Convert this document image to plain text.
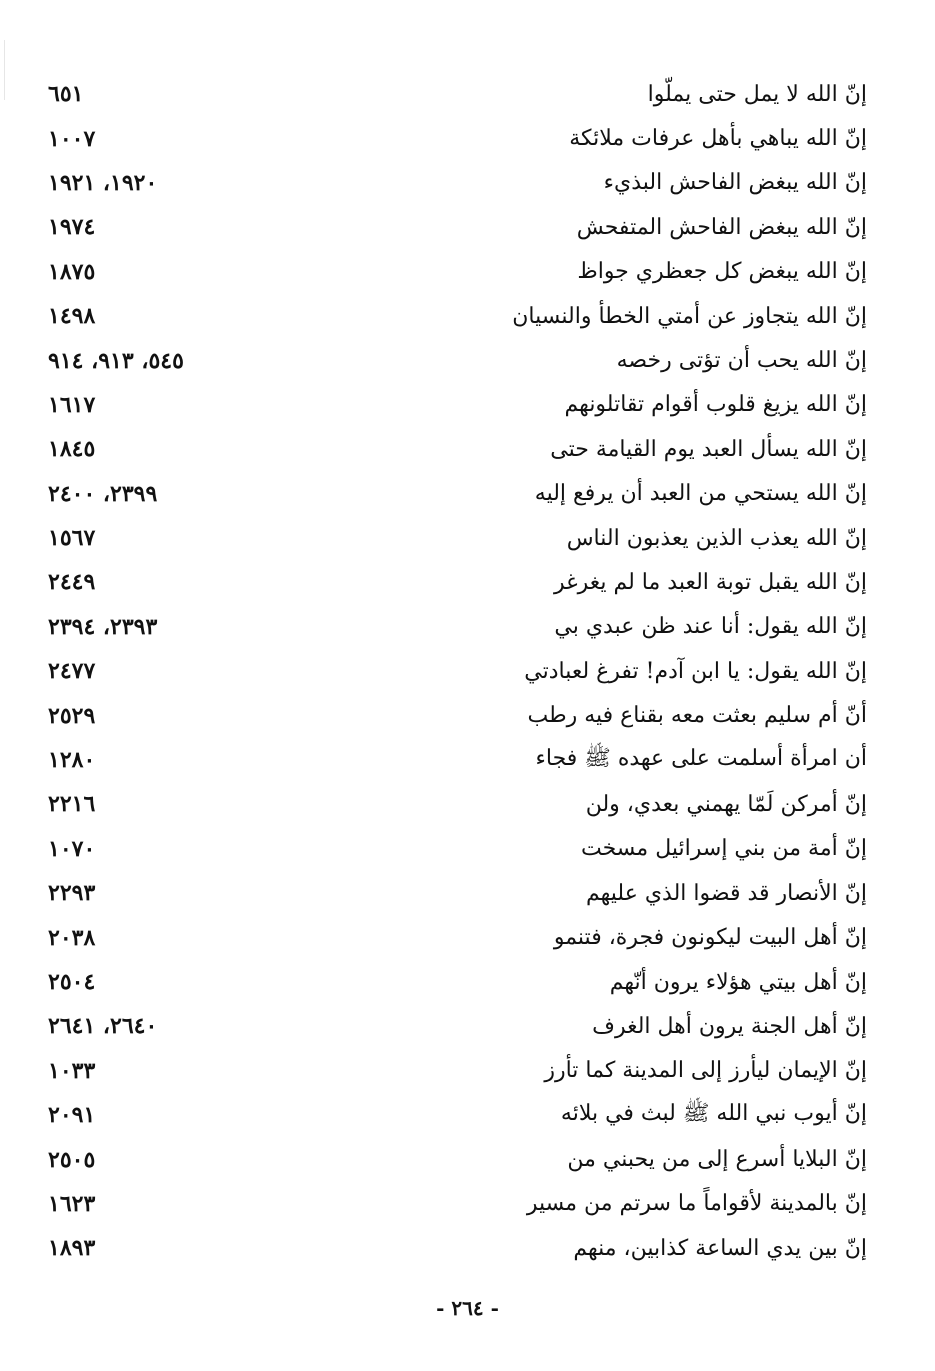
٦٥١	إنّ الله لا يمل حتى يملّوا
١٠٠٧	إنّ الله يباهي بأهل عرفات ملائكة
١٩٢٠، ١٩٢١	إنّ الله يبغض الفاحش البذيء
١٩٧٤	إنّ الله يبغض الفاحش المتفحش
١٨٧٥	إنّ الله يبغض كل جعظري جواظ
١٤٩٨	إنّ الله يتجاوز عن أمتي الخطأ والنسيان
٥٤٥، ٩١٣، ٩١٤	إنّ الله يحب أن تؤتى رخصه
١٦١٧	إنّ الله يزيغ قلوب أقوام تقاتلونهم
١٨٤٥	إنّ الله يسأل العبد يوم القيامة حتى
٢٣٩٩، ٢٤٠٠	إنّ الله يستحي من العبد أن يرفع إليه
١٥٦٧	إنّ الله يعذب الذين يعذبون الناس
٢٤٤٩	إنّ الله يقبل توبة العبد ما لم يغرغر
٢٣٩٣، ٢٣٩٤	إنّ الله يقول: أنا عند ظن عبدي بي
٢٤٧٧	إنّ الله يقول: يا ابن آدم! تفرغ لعبادتي
٢٥٢٩	أنّ أم سليم بعثت معه بقناع فيه رطب
١٢٨٠	أن امرأة أسلمت على عهده ﷺ فجاء
٢٢١٦	إنّ أمركن لَمّا يهمني بعدي، ولن
١٠٧٠	إنّ أمة من بني إسرائيل مسخت
٢٢٩٣	إنّ الأنصار قد قضوا الذي عليهم
٢٠٣٨	إنّ أهل البيت ليكونون فجرة، فتنمو
٢٥٠٤	إنّ أهل بيتي هؤلاء يرون أنّهم
٢٦٤٠، ٢٦٤١	إنّ أهل الجنة يرون أهل الغرف
١٠٣٣	إنّ الإيمان ليأرز إلى المدينة كما تأرز
٢٠٩١	إنّ أيوب نبي الله ﷺ لبث في بلائه
٢٥٠٥	إنّ البلايا أسرع إلى من يحبني من
١٦٢٣	إنّ بالمدينة لأقواماً ما سرتم من مسير
١٨٩٣	إنّ بين يدي الساعة كذابين، منهم
- ٢٦٤ -
